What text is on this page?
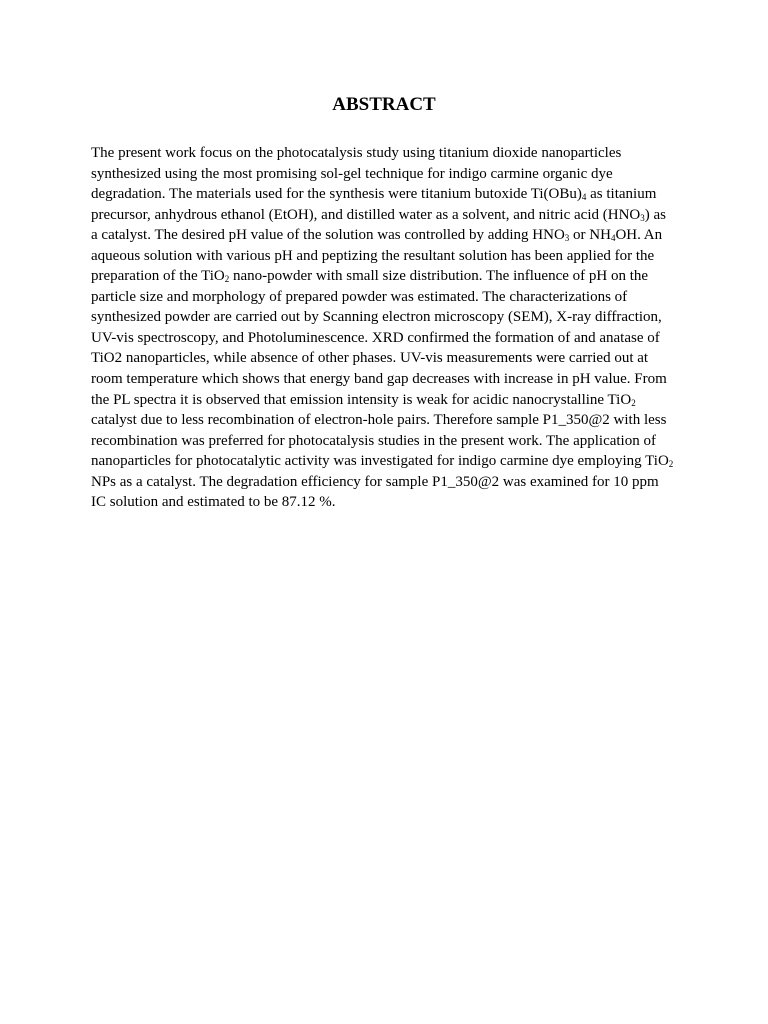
ABSTRACT
The present work focus on the photocatalysis study using titanium dioxide nanoparticles
synthesized using the most promising sol-gel technique for indigo carmine organic dye
degradation. The materials used for the synthesis were titanium butoxide $Ti(OBu)_4$ as titanium
precursor, anhydrous ethanol (EtOH), and distilled water as a solvent, and nitric acid $(HNO_3)$ as
a catalyst. The desired pH value of the solution was controlled by adding $HNO_3$ or $NH_4OH$. An
aqueous solution with various pH and peptizing the resultant solution has been applied for the
preparation of the TiO$_2$ nano-powder with small size distribution. The influence of pH on the
particle size and morphology of prepared powder was estimated. The characterizations of
synthesized powder are carried out by Scanning electron microscopy (SEM), X-ray diffraction,
UV-vis spectroscopy, and Photoluminescence. XRD confirmed the formation of and anatase of
TiO2 nanoparticles, while absence of other phases. UV-vis measurements were carried out at
room temperature which shows that energy band gap decreases with increase in pH value. From
the PL spectra it is observed that emission intensity is weak for acidic nanocrystalline TiO$_2$
catalyst due to less recombination of electron-hole pairs. Therefore sample P1_350@2 with less
recombination was preferred for photocatalysis studies in the present work. The application of
nanoparticles for photocatalytic activity was investigated for indigo carmine dye employing TiO$_2$
NPs as a catalyst. The degradation efficiency for sample P1_350@2 was examined for 10 ppm
IC solution and estimated to be 87.12 %.
